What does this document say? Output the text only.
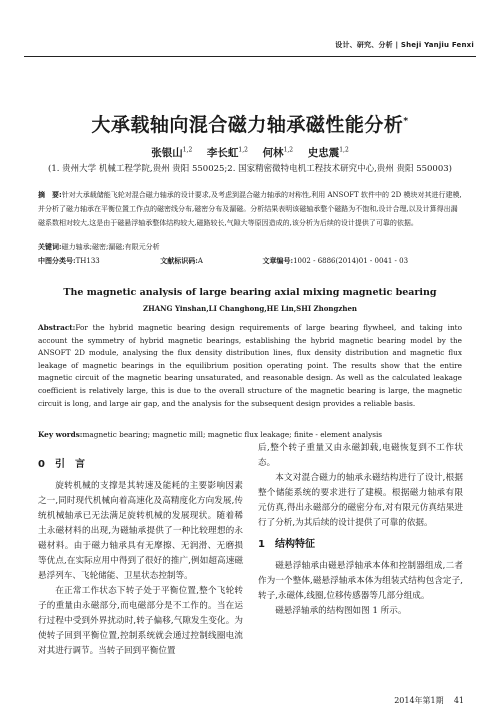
设计、研究、分析 | Sheji Yanjiu Fenxi
大承载轴向混合磁力轴承磁性能分析*
张银山$^{1,2}$ 李长虹$^{1,2}$ 何林$^{1,2}$ 史忠震$^{1,2}$
(1. 贵州大学 机械工程学院,贵州 贵阳 550025;2. 国家精密微特电机工程技术研究中心,贵州 贵阳 550003)
摘　要:针对大承载储能飞轮对混合磁力轴承的设计要求,及考虑到混合磁力轴承的对称性,利用 ANSOFT 软件中的 2D 模块对其进行建模,并分析了磁力轴承在平衡位置工作点的磁密线分布,磁密分布及漏磁。分析结果表明该磁轴承整个磁路为不饱和,设计合理,以及计算得出漏磁系数相对较大,这是由于磁悬浮轴承整体结构较大,磁路较长,气隙大等原因造成的,该分析为后续的设计提供了可靠的依据。
关键词:磁力轴承;磁密;漏磁;有限元分析
中图分类号:TH133	文献标识码:A	文章编号:1002 - 6886(2014)01 - 0041 - 03
The magnetic analysis of large bearing axial mixing magnetic bearing
ZHANG Yinshan,LI Changhong,HE Lin,SHI Zhongzhen
Abstract:For the hybrid magnetic bearing design requirements of large bearing flywheel, and taking into account the symmetry of hybrid magnetic bearings, establishing the hybrid magnetic bearing model by the ANSOFT 2D module, analysing the flux density distribution lines, flux density distribution and magnetic flux leakage of magnetic bearings in the equilibrium position operating point. The results show that the entire magnetic circuit of the magnetic bearing unsaturated, and reasonable design. As well as the calculated leakage coefficient is relatively large, this is due to the overall structure of the magnetic bearing is large, the magnetic circuit is long, and large air gap, and the analysis for the subsequent design provides a reliable basis.
Key words:magnetic bearing; magnetic mill; magnetic flux leakage; finite - element analysis
0　引　言

旋转机械的支撑是其转速及能耗的主要影响因素之一,同时现代机械向着高速化及高精度化方向发展,传统机械轴承已无法满足旋转机械的发展现状。随着稀土永磁材料的出现,为磁轴承提供了一种比较理想的永磁材料。由于磁力轴承具有无摩擦、无润滑、无磨损等优点,在实际应用中得到了很好的推广,例如超高速磁悬浮列车、飞轮储能、卫星状态控制等。

在正常工作状态下转子处于平衡位置,整个飞轮转子的重量由永磁部分,而电磁部分是不工作的。当在运行过程中受到外界扰动时,转子偏移,气隙发生变化。为使转子回到平衡位置,控制系统就会通过控制线圈电流对其进行调节。当转子回到平衡位置

后,整个转子重量又由永磁卸载,电磁恢复到不工作状态。

本文对混合磁力的轴承永磁结构进行了设计,根据整个储能系统的要求进行了建模。根据磁力轴承有限元仿真,得出永磁部分的磁密分布,对有限元仿真结果进行了分析,为其后续的设计提供了可靠的依据。

1　结构特征

磁悬浮轴承由磁悬浮轴承本体和控制器组成,二者作为一个整体,磁悬浮轴承本体为组装式结构包含定子,转子,永磁体,线圈,位移传感器等几部分组成。

磁悬浮轴承的结构图如图 1 所示。

2014年第1期 41
